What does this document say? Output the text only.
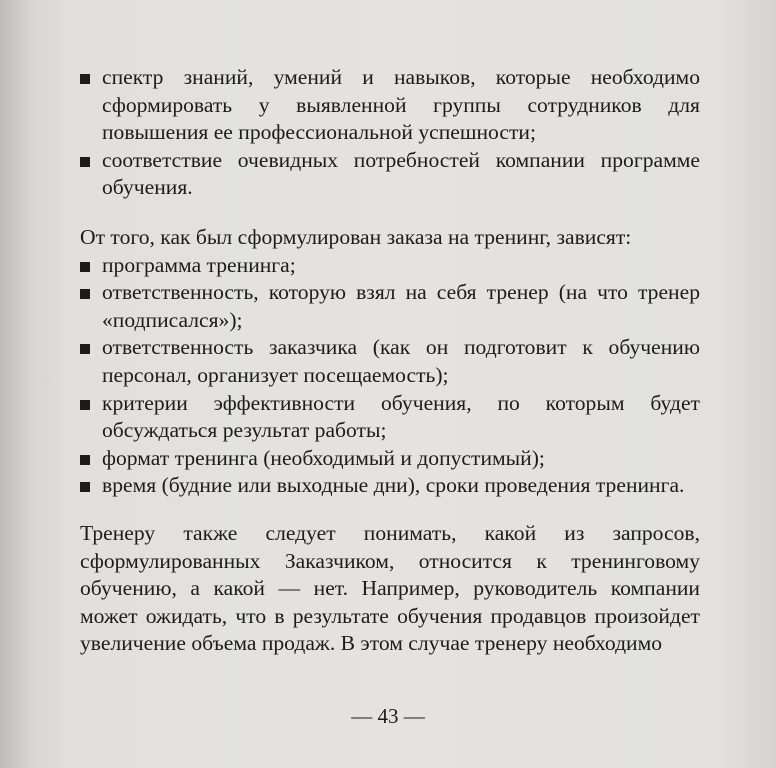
спектр знаний, умений и навыков, которые необходимо сформировать у выявленной группы сотрудников для повышения ее профессиональной успешности;
соответствие очевидных потребностей компании программе обучения.

От того, как был сформулирован заказа на тренинг, зависят:

программа тренинга;
ответственность, которую взял на себя тренер (на что тренер «подписался»);
ответственность заказчика (как он подготовит к обучению персонал, организует посещаемость);
критерии эффективности обучения, по которым будет обсуждаться результат работы;
формат тренинга (необходимый и допустимый);
время (будние или выходные дни), сроки проведения тренинга.

Тренеру также следует понимать, какой из запросов, сформулированных Заказчиком, относится к тренинговому обучению, а какой — нет. Например, руководитель компании может ожидать, что в результате обучения продавцов произойдет увеличение объема продаж. В этом случае тренеру необходимо

— 43 —
